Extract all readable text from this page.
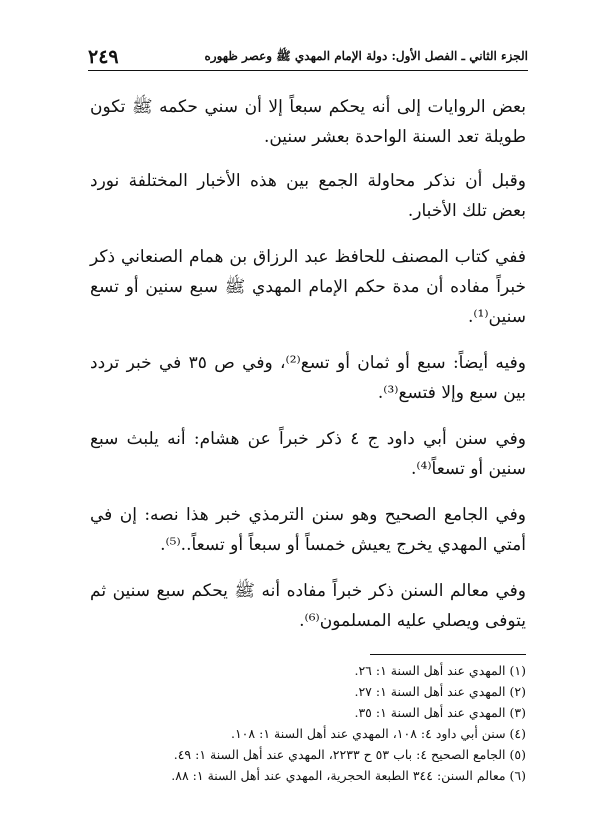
الجزء الثاني ـ الفصل الأول: دولة الإمام المهدي ﷺ وعصر ظهوره
٢٤٩

بعض الروايات إلى أنه يحكم سبعاً إلا أن سني حكمه ﷺ تكون طويلة تعد السنة الواحدة بعشر سنين.

وقبل أن نذكر محاولة الجمع بين هذه الأخبار المختلفة نورد بعض تلك الأخبار.

ففي كتاب المصنف للحافظ عبد الرزاق بن همام الصنعاني ذكر خبراً مفاده أن مدة حكم الإمام المهدي ﷺ سبع سنين أو تسع سنين⁽¹⁾.

وفيه أيضاً: سبع أو ثمان أو تسع⁽²⁾، وفي ص ٣٥ في خبر تردد بين سبع وإلا فتسع⁽³⁾.

وفي سنن أبي داود ج ٤ ذكر خبراً عن هشام: أنه يلبث سبع سنين أو تسعاً⁽⁴⁾.

وفي الجامع الصحيح وهو سنن الترمذي خبر هذا نصه: إن في أمتي المهدي يخرج يعيش خمساً أو سبعاً أو تسعاً..⁽⁵⁾.

وفي معالم السنن ذكر خبراً مفاده أنه ﷺ يحكم سبع سنين ثم يتوفى ويصلي عليه المسلمون⁽⁶⁾.

(١) المهدي عند أهل السنة ١: ٢٦.
(٢) المهدي عند أهل السنة ١: ٢٧.
(٣) المهدي عند أهل السنة ١: ٣٥.
(٤) سنن أبي داود ٤: ١٠٨، المهدي عند أهل السنة ١: ١٠٨.
(٥) الجامع الصحيح ٤: باب ٥٣ ح ٢٢٣٣، المهدي عند أهل السنة ١: ٤٩.
(٦) معالم السنن: ٣٤٤ الطبعة الحجرية، المهدي عند أهل السنة ١: ٨٨.
